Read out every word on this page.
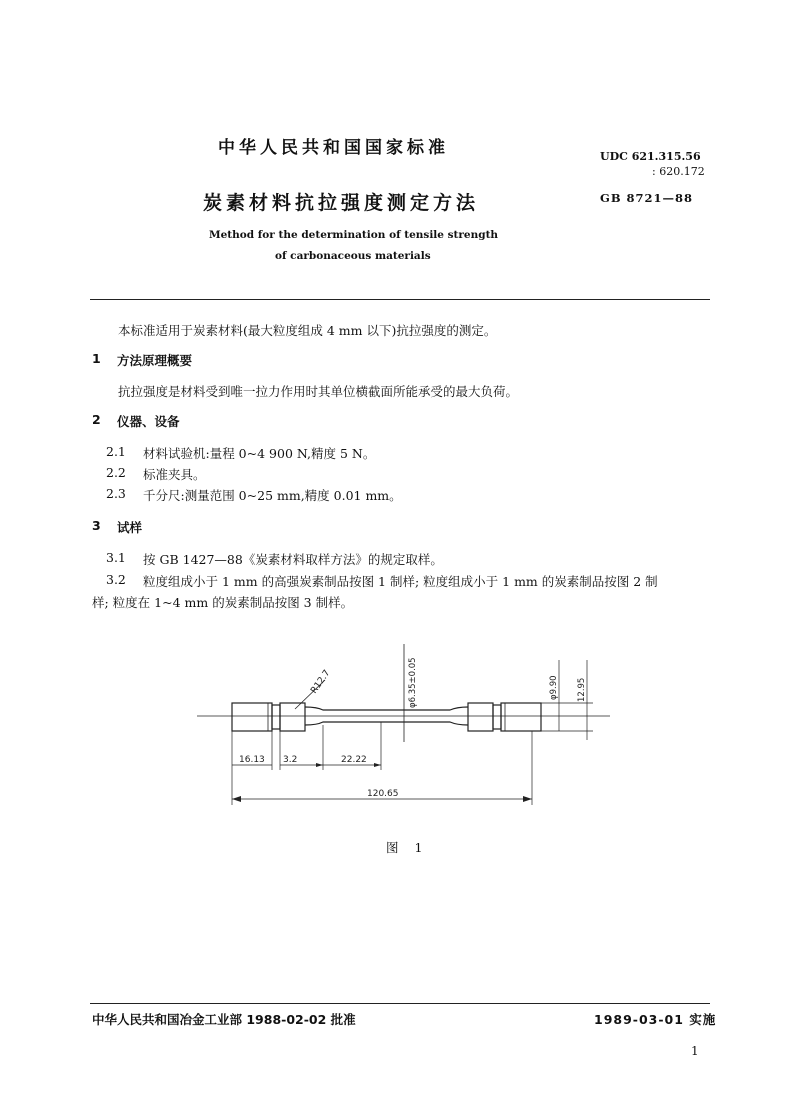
中华人民共和国国家标准	UDC 621.315.56
: 620.172
炭素材料抗拉强度测定方法	GB 8721—88
Method for the determination of tensile strength
of carbonaceous materials
本标准适用于炭素材料(最大粒度组成 4 mm 以下)抗拉强度的测定。
1 方法原理概要
抗拉强度是材料受到唯一拉力作用时其单位横截面所能承受的最大负荷。
2 仪器、设备
2.1 材料试验机:量程 0~4 900 N,精度 5 N。
2.2 标准夹具。
2.3 千分尺:测量范围 0~25 mm,精度 0.01 mm。
3 试样
3.1 按 GB 1427—88《炭素材料取样方法》的规定取样。
3.2 粒度组成小于 1 mm 的高强炭素制品按图 1 制样; 粒度组成小于 1 mm 的炭素制品按图 2 制
样; 粒度在 1~4 mm 的炭素制品按图 3 制样。
16.13 3.2	22.22
120.65
R12.7	φ6.35±0.05	φ9.90 12.95
图 1
中华人民共和国冶金工业部 1988-02-02 批准	1989-03-01 实施
1
